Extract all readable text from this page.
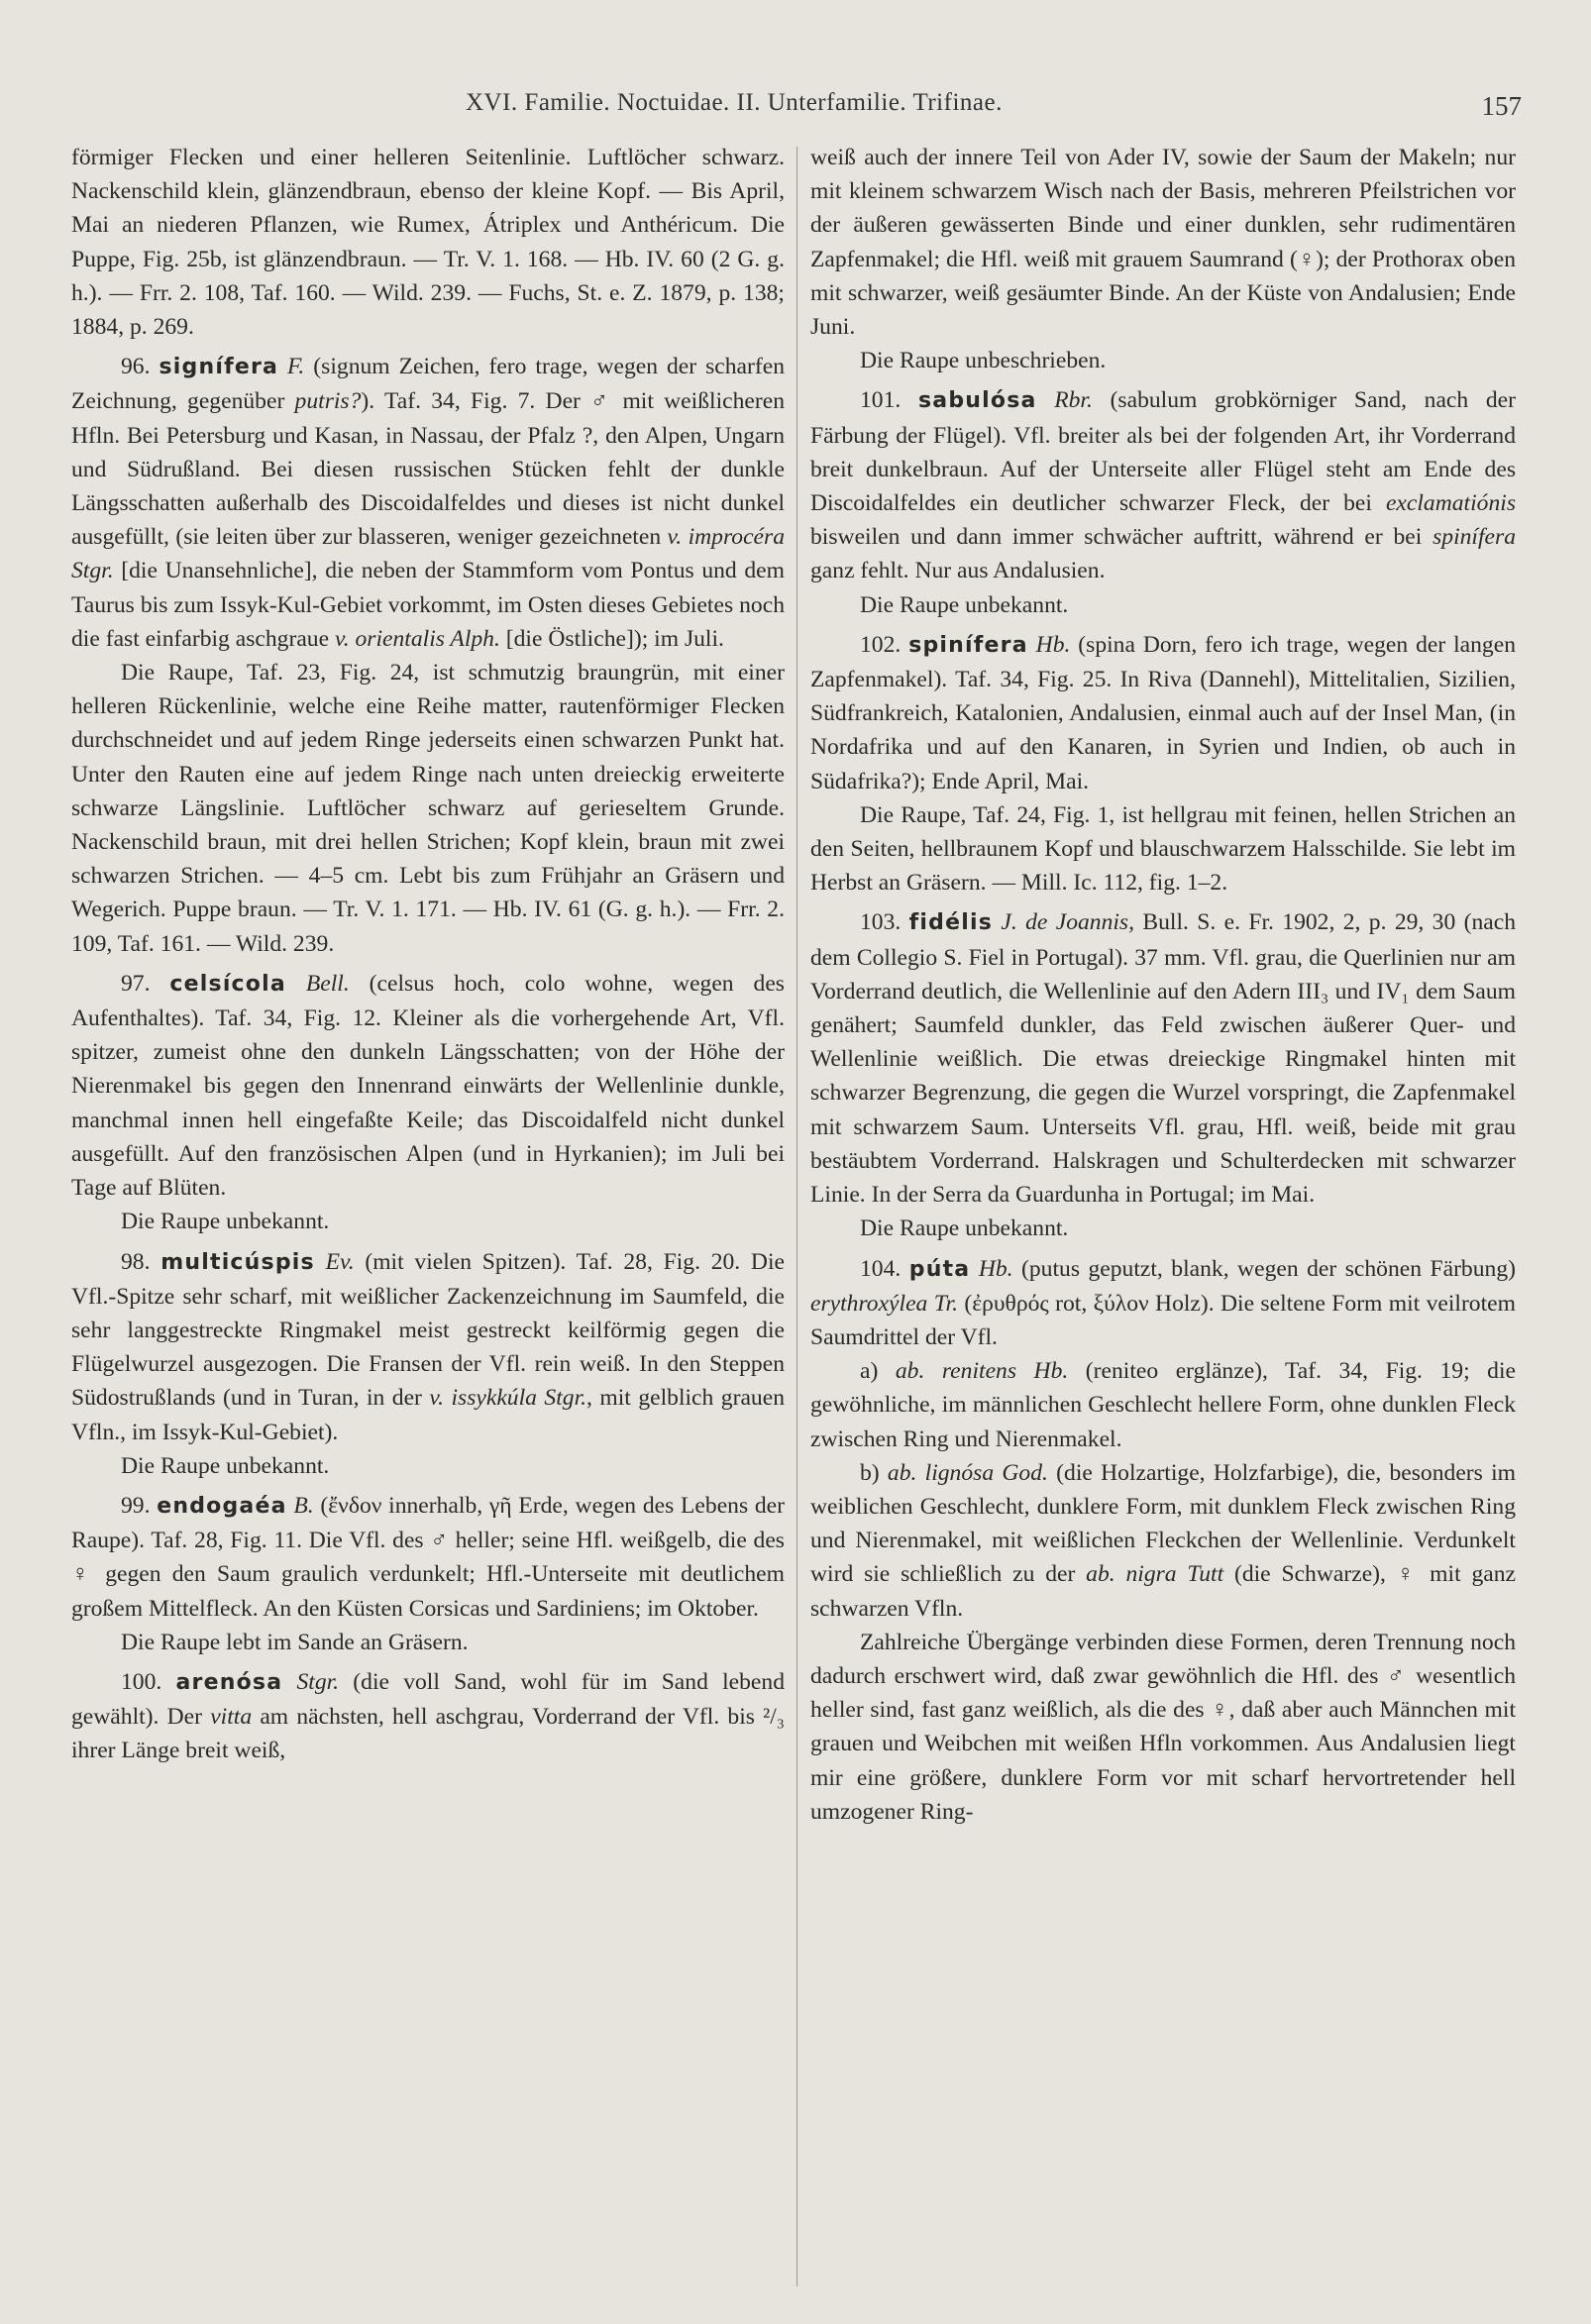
XVI. Familie. Noctuidae. II. Unterfamilie. Trifinae.	157

förmiger Flecken und einer helleren Seitenlinie. Luftlöcher schwarz. Nackenschild klein, glänzendbraun, ebenso der kleine Kopf. — Bis April, Mai an niederen Pflanzen, wie Rumex, Átriplex und Anthéricum. Die Puppe, Fig. 25b, ist glänzendbraun. — Tr. V. 1. 168. — Hb. IV. 60 (2 G. g. h.). — Frr. 2. 108, Taf. 160. — Wild. 239. — Fuchs, St. e. Z. 1879, p. 138; 1884, p. 269.

96. signífera F. (signum Zeichen, fero trage, wegen der scharfen Zeichnung, gegenüber putris?). Taf. 34, Fig. 7. Der ♂ mit weißlicheren Hfln. Bei Petersburg und Kasan, in Nassau, der Pfalz ?, den Alpen, Ungarn und Südrußland. Bei diesen russischen Stücken fehlt der dunkle Längsschatten außerhalb des Discoidalfeldes und dieses ist nicht dunkel ausgefüllt, (sie leiten über zur blasseren, weniger gezeichneten v. improcéra Stgr. [die Unansehnliche], die neben der Stammform vom Pontus und dem Taurus bis zum Issyk-Kul-Gebiet vorkommt, im Osten dieses Gebietes noch die fast einfarbig aschgraue v. orientalis Alph. [die Östliche]); im Juli.

Die Raupe, Taf. 23, Fig. 24, ist schmutzig braungrün, mit einer helleren Rückenlinie, welche eine Reihe matter, rautenförmiger Flecken durchschneidet und auf jedem Ringe jederseits einen schwarzen Punkt hat. Unter den Rauten eine auf jedem Ringe nach unten dreieckig erweiterte schwarze Längslinie. Luftlöcher schwarz auf gerieseltem Grunde. Nackenschild braun, mit drei hellen Strichen; Kopf klein, braun mit zwei schwarzen Strichen. — 4–5 cm. Lebt bis zum Frühjahr an Gräsern und Wegerich. Puppe braun. — Tr. V. 1. 171. — Hb. IV. 61 (G. g. h.). — Frr. 2. 109, Taf. 161. — Wild. 239.

97. celsícola Bell. (celsus hoch, colo wohne, wegen des Aufenthaltes). Taf. 34, Fig. 12. Kleiner als die vorhergehende Art, Vfl. spitzer, zumeist ohne den dunkeln Längsschatten; von der Höhe der Nierenmakel bis gegen den Innenrand einwärts der Wellenlinie dunkle, manchmal innen hell eingefaßte Keile; das Discoidalfeld nicht dunkel ausgefüllt. Auf den französischen Alpen (und in Hyrkanien); im Juli bei Tage auf Blüten.

Die Raupe unbekannt.

98. multicúspis Ev. (mit vielen Spitzen). Taf. 28, Fig. 20. Die Vfl.-Spitze sehr scharf, mit weißlicher Zackenzeichnung im Saumfeld, die sehr langgestreckte Ringmakel meist gestreckt keilförmig gegen die Flügelwurzel ausgezogen. Die Fransen der Vfl. rein weiß. In den Steppen Südostrußlands (und in Turan, in der v. issykkúla Stgr., mit gelblich grauen Vfln., im Issyk-Kul-Gebiet).

Die Raupe unbekannt.

99. endogaéa B. (ἔνδον innerhalb, γῆ Erde, wegen des Lebens der Raupe). Taf. 28, Fig. 11. Die Vfl. des ♂ heller; seine Hfl. weißgelb, die des ♀ gegen den Saum graulich verdunkelt; Hfl.-Unterseite mit deutlichem großem Mittelfleck. An den Küsten Corsicas und Sardiniens; im Oktober.

Die Raupe lebt im Sande an Gräsern.

100. arenósa Stgr. (die voll Sand, wohl für im Sand lebend gewählt). Der vitta am nächsten, hell aschgrau, Vorderrand der Vfl. bis ²/₃ ihrer Länge breit weiß,

weiß auch der innere Teil von Ader IV, sowie der Saum der Makeln; nur mit kleinem schwarzem Wisch nach der Basis, mehreren Pfeilstrichen vor der äußeren gewässerten Binde und einer dunklen, sehr rudimentären Zapfenmakel; die Hfl. weiß mit grauem Saumrand (♀); der Prothorax oben mit schwarzer, weiß gesäumter Binde. An der Küste von Andalusien; Ende Juni.

Die Raupe unbeschrieben.

101. sabulósa Rbr. (sabulum grobkörniger Sand, nach der Färbung der Flügel). Vfl. breiter als bei der folgenden Art, ihr Vorderrand breit dunkelbraun. Auf der Unterseite aller Flügel steht am Ende des Discoidalfeldes ein deutlicher schwarzer Fleck, der bei exclamatiónis bisweilen und dann immer schwächer auftritt, während er bei spinífera ganz fehlt. Nur aus Andalusien.

Die Raupe unbekannt.

102. spinífera Hb. (spina Dorn, fero ich trage, wegen der langen Zapfenmakel). Taf. 34, Fig. 25. In Riva (Dannehl), Mittelitalien, Sizilien, Südfrankreich, Katalonien, Andalusien, einmal auch auf der Insel Man, (in Nordafrika und auf den Kanaren, in Syrien und Indien, ob auch in Südafrika?); Ende April, Mai.

Die Raupe, Taf. 24, Fig. 1, ist hellgrau mit feinen, hellen Strichen an den Seiten, hellbraunem Kopf und blauschwarzem Halsschilde. Sie lebt im Herbst an Gräsern. — Mill. Ic. 112, fig. 1–2.

103. fidélis J. de Joannis, Bull. S. e. Fr. 1902, 2, p. 29, 30 (nach dem Collegio S. Fiel in Portugal). 37 mm. Vfl. grau, die Querlinien nur am Vorderrand deutlich, die Wellenlinie auf den Adern III₃ und IV₁ dem Saum genähert; Saumfeld dunkler, das Feld zwischen äußerer Quer- und Wellenlinie weißlich. Die etwas dreieckige Ringmakel hinten mit schwarzer Begrenzung, die gegen die Wurzel vorspringt, die Zapfenmakel mit schwarzem Saum. Unterseits Vfl. grau, Hfl. weiß, beide mit grau bestäubtem Vorderrand. Halskragen und Schulterdecken mit schwarzer Linie. In der Serra da Guardunha in Portugal; im Mai.

Die Raupe unbekannt.

104. púta Hb. (putus geputzt, blank, wegen der schönen Färbung) erythroxýlea Tr. (ἐρυθρός rot, ξύλον Holz). Die seltene Form mit veilrotem Saumdrittel der Vfl.

a) ab. renitens Hb. (reniteo erglänze), Taf. 34, Fig. 19; die gewöhnliche, im männlichen Geschlecht hellere Form, ohne dunklen Fleck zwischen Ring und Nierenmakel.

b) ab. lignósa God. (die Holzartige, Holzfarbige), die, besonders im weiblichen Geschlecht, dunklere Form, mit dunklem Fleck zwischen Ring und Nierenmakel, mit weißlichen Fleckchen der Wellenlinie. Verdunkelt wird sie schließlich zu der ab. nigra Tutt (die Schwarze), ♀ mit ganz schwarzen Vfln.

Zahlreiche Übergänge verbinden diese Formen, deren Trennung noch dadurch erschwert wird, daß zwar gewöhnlich die Hfl. des ♂ wesentlich heller sind, fast ganz weißlich, als die des ♀, daß aber auch Männchen mit grauen und Weibchen mit weißen Hfln vorkommen. Aus Andalusien liegt mir eine größere, dunklere Form vor mit scharf hervortretender hell umzogener Ring-
